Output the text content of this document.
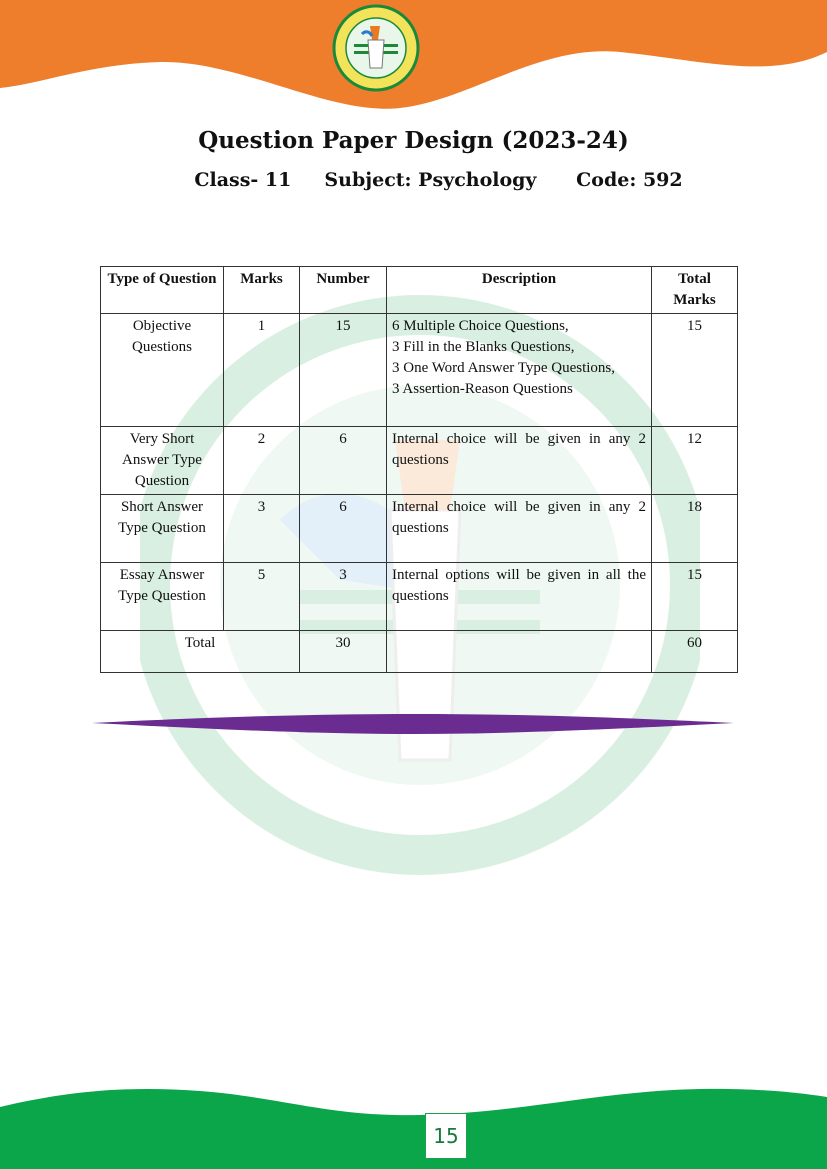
Question Paper Design (2023-24)
Class- 11     Subject: Psychology      Code: 592
Type of Question	Marks	Number	Description	Total Marks
Objective Questions	1	15	6 Multiple Choice Questions,
3 Fill in the Blanks Questions,
3 One Word Answer Type Questions,
3 Assertion-Reason Questions	15
Very Short Answer Type Question	2	6	Internal choice will be given in any 2 questions	12
Short Answer Type Question	3	6	Internal choice will be given in any 2 questions	18
Essay Answer Type Question	5	3	Internal options will be given in all the questions	15
Total		30		60
15
